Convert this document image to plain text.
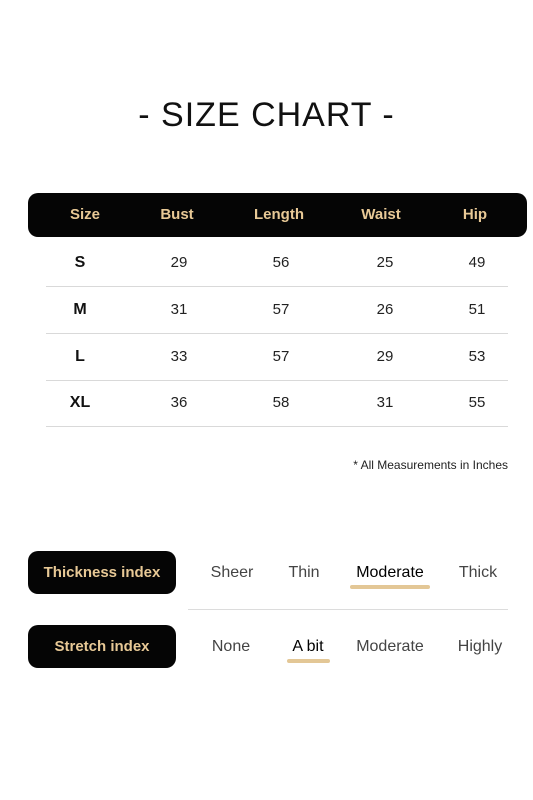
- SIZE CHART -
Size	Bust	Length	Waist	Hip
S	29	56	25	49
M	31	57	26	51
L	33	57	29	53
XL	36	58	31	55
* All Measurements in Inches
Thickness index	Sheer	Thin	Moderate	Thick
Stretch index	None	A bit	Moderate	Highly
